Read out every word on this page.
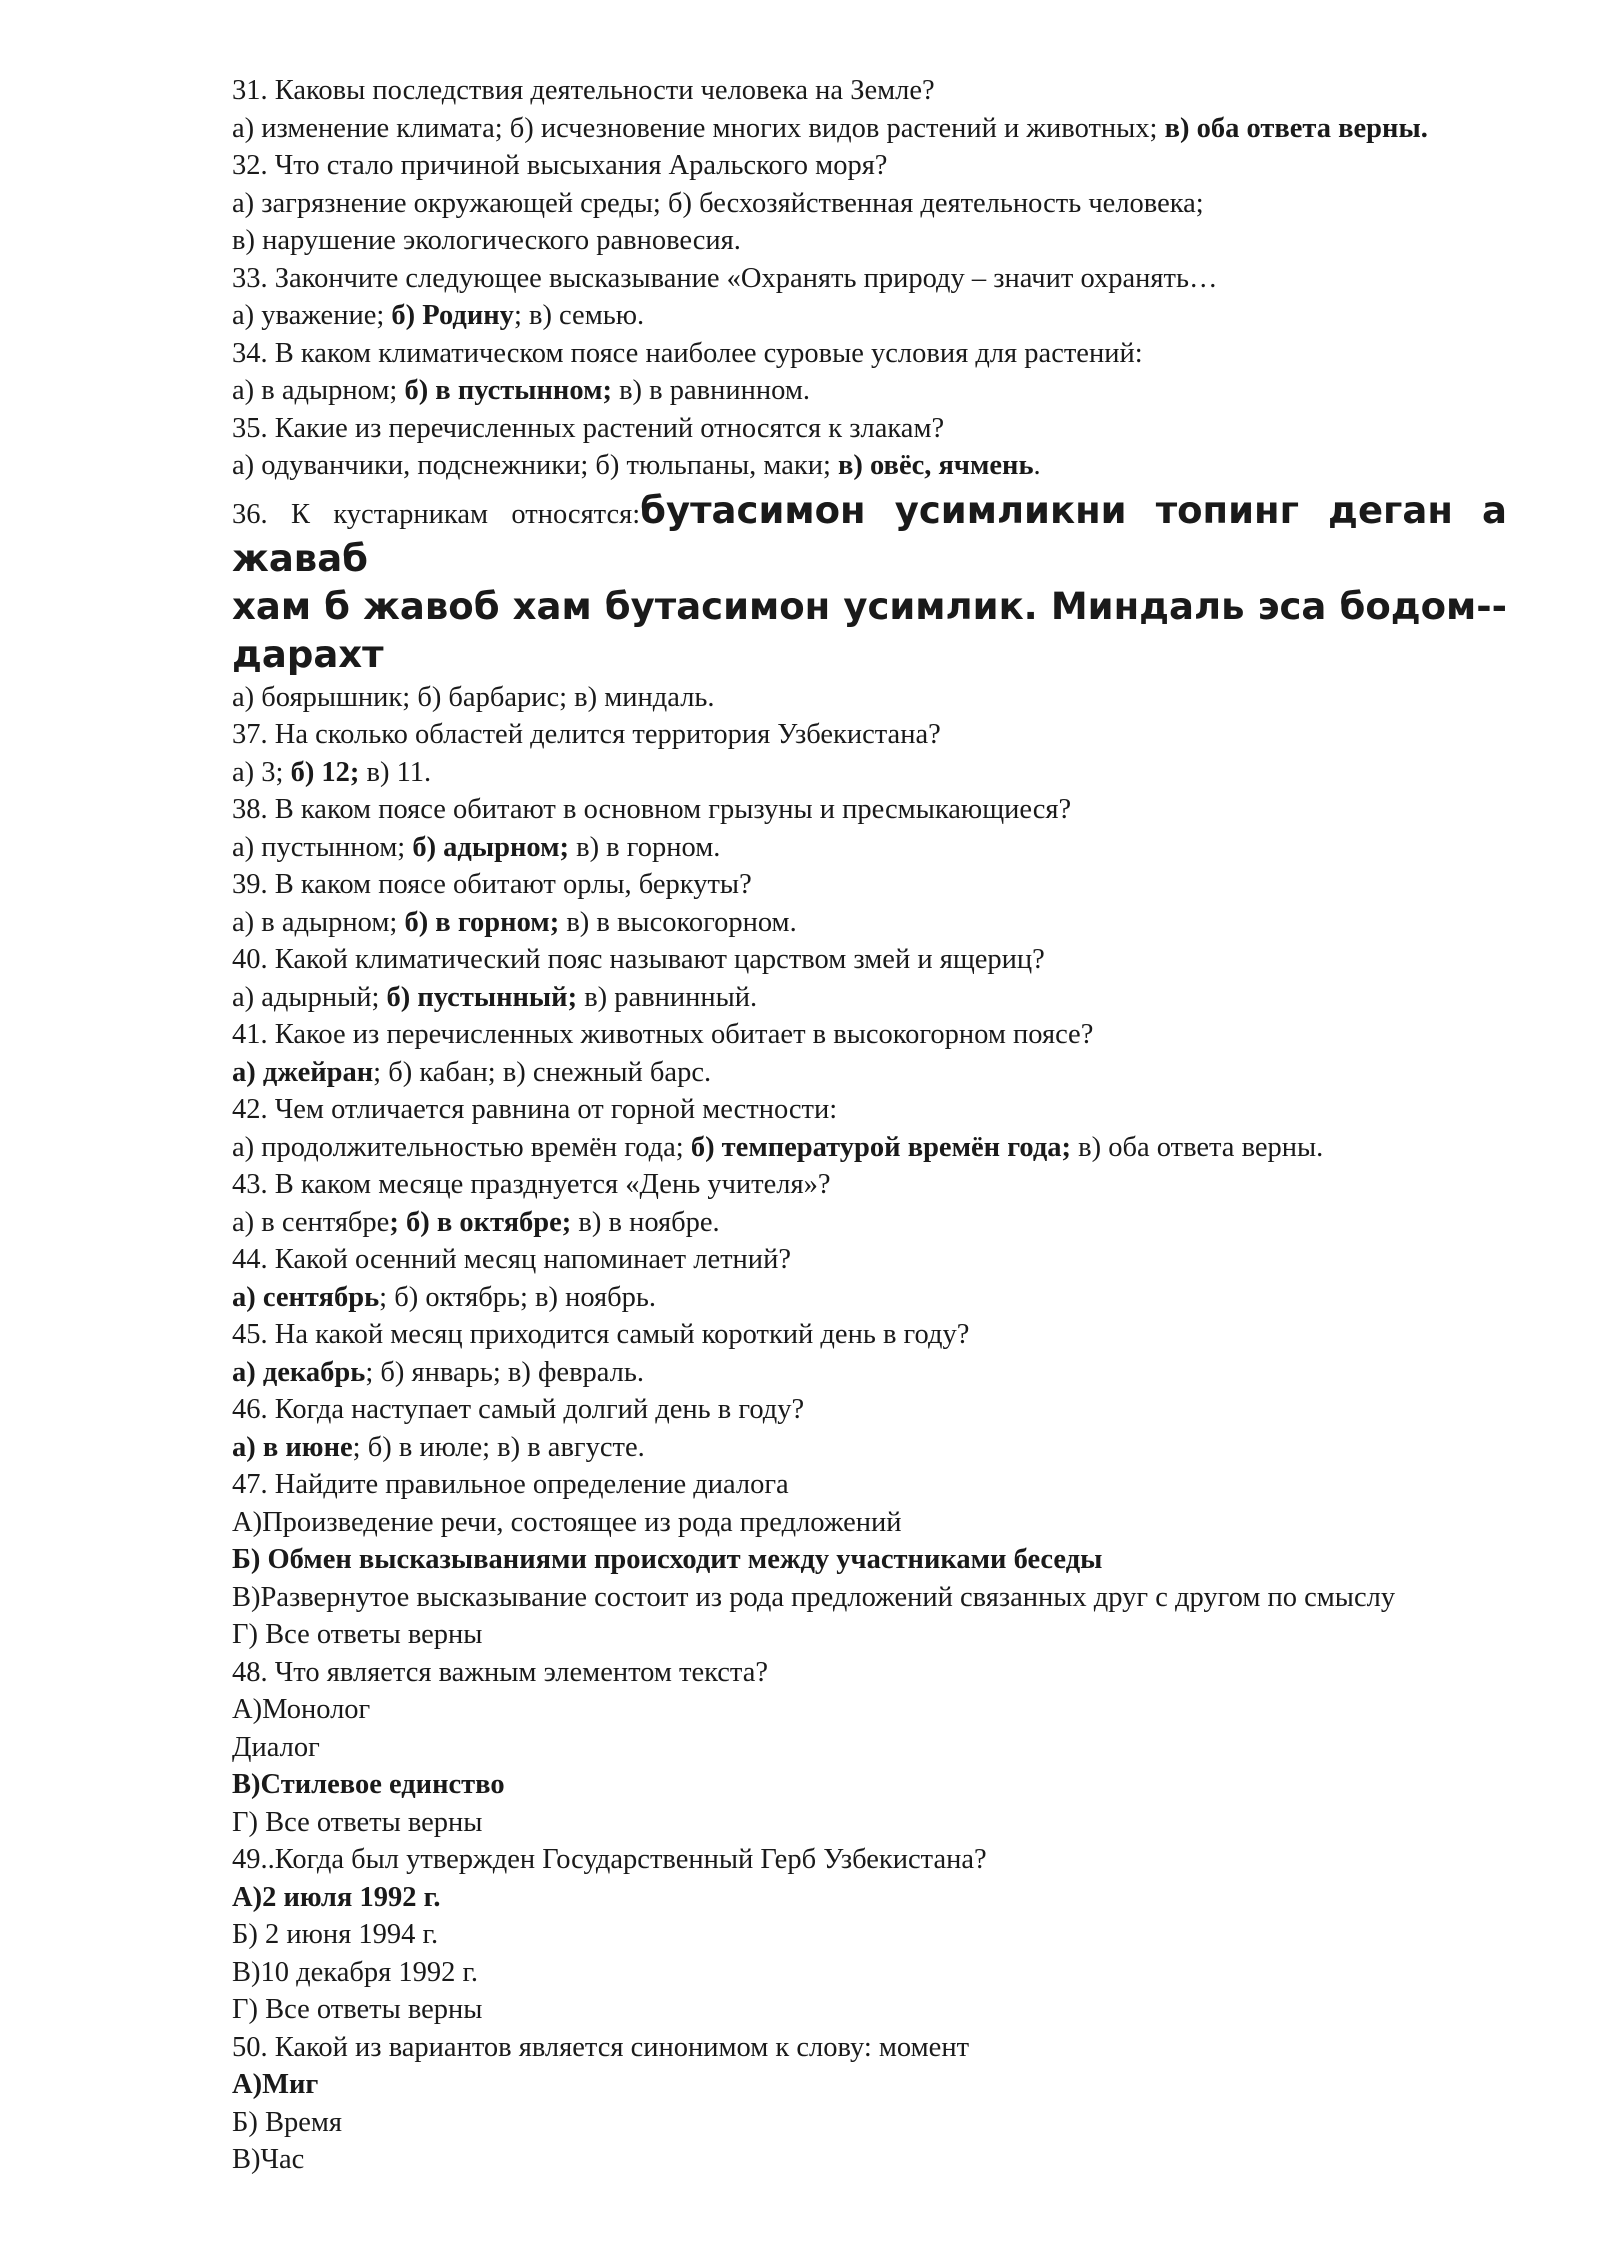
31. Каковы последствия деятельности человека на Земле?
а) изменение климата; б) исчезновение многих видов растений и животных; в) оба ответа верны.
32. Что стало причиной высыхания Аральского моря?
а) загрязнение окружающей среды; б) бесхозяйственная деятельность человека;
в) нарушение экологического равновесия.
33. Закончите следующее высказывание «Охранять природу – значит охранять…
а) уважение; б) Родину; в) семью.
34. В каком климатическом поясе наиболее суровые условия для растений:
а) в адырном; б) в пустынном; в) в равнинном.
35. Какие из перечисленных растений относятся к злакам?
а) одуванчики, подснежники; б) тюльпаны, маки; в) овёс, ячмень.
36. К кустарникам относятся:бутасимон усимликни топинг деган а жаваб
хам б жавоб хам бутасимон усимлик. Миндаль эса бодом--
дарахт
а) боярышник; б) барбарис; в) миндаль.
37. На сколько областей делится территория Узбекистана?
а) 3; б) 12; в) 11.
38. В каком поясе обитают в основном грызуны и пресмыкающиеся?
а) пустынном; б) адырном; в) в горном.
39. В каком поясе обитают орлы, беркуты?
а) в адырном; б) в горном; в) в высокогорном.
40. Какой климатический пояс называют царством змей и ящериц?
а) адырный; б) пустынный; в) равнинный.
41. Какое из перечисленных животных обитает в высокогорном поясе?
а) джейран; б) кабан; в) снежный барс.
42. Чем отличается равнина от горной местности:
а) продолжительностью времён года; б) температурой времён года; в) оба ответа верны.
43. В каком месяце празднуется «День учителя»?
а) в сентябре; б) в октябре; в) в ноябре.
44. Какой осенний месяц напоминает летний?
а) сентябрь; б) октябрь; в) ноябрь.
45. На какой месяц приходится самый короткий день в году?
а) декабрь; б) январь; в) февраль.
46. Когда наступает самый долгий день в году?
а) в июне; б) в июле; в) в августе.
47. Найдите правильное определение диалога
А)Произведение речи, состоящее из рода предложений
Б) Обмен высказываниями происходит между участниками беседы
В)Развернутое высказывание состоит из рода предложений связанных друг с другом по смыслу
Г) Все ответы верны
48. Что является важным элементом текста?
А)Монолог
Диалог
В)Стилевое единство
Г) Все ответы верны
49..Когда был утвержден Государственный Герб Узбекистана?
А)2 июля 1992 г.
Б) 2 июня 1994 г.
В)10 декабря 1992 г.
Г) Все ответы верны
50. Какой из вариантов является синонимом к слову: момент
А)Миг
Б) Время
В)Час
